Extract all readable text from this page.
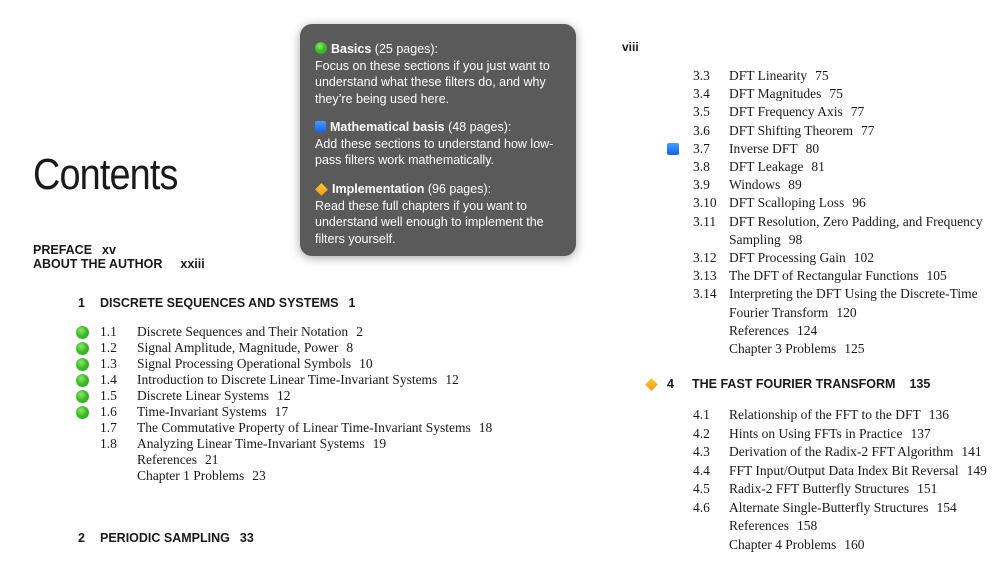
Contents
PREFACE xv
ABOUT THE AUTHOR xxiii
1 DISCRETE SEQUENCES AND SYSTEMS 1
1.1 Discrete Sequences and Their Notation 2
1.2 Signal Amplitude, Magnitude, Power 8
1.3 Signal Processing Operational Symbols 10
1.4 Introduction to Discrete Linear Time-Invariant Systems 12
1.5 Discrete Linear Systems 12
1.6 Time-Invariant Systems 17
1.7 The Commutative Property of Linear Time-Invariant Systems 18
1.8 Analyzing Linear Time-Invariant Systems 19
References 21
Chapter 1 Problems 23
2 PERIODIC SAMPLING 33
Basics (25 pages):
Focus on these sections if you just want to understand what these filters do, and why they’re being used here.
Mathematical basis (48 pages):
Add these sections to understand how low-pass filters work mathematically.
Implementation (96 pages):
Read these full chapters if you want to understand well enough to implement the filters yourself.
viii
3.3 DFT Linearity 75
3.4 DFT Magnitudes 75
3.5 DFT Frequency Axis 77
3.6 DFT Shifting Theorem 77
3.7 Inverse DFT 80
3.8 DFT Leakage 81
3.9 Windows 89
3.10 DFT Scalloping Loss 96
3.11 DFT Resolution, Zero Padding, and Frequency
Sampling 98
3.12 DFT Processing Gain 102
3.13 The DFT of Rectangular Functions 105
3.14 Interpreting the DFT Using the Discrete-Time
Fourier Transform 120
References 124
Chapter 3 Problems 125
4 THE FAST FOURIER TRANSFORM 135
4.1 Relationship of the FFT to the DFT 136
4.2 Hints on Using FFTs in Practice 137
4.3 Derivation of the Radix-2 FFT Algorithm 141
4.4 FFT Input/Output Data Index Bit Reversal 149
4.5 Radix-2 FFT Butterfly Structures 151
4.6 Alternate Single-Butterfly Structures 154
References 158
Chapter 4 Problems 160
